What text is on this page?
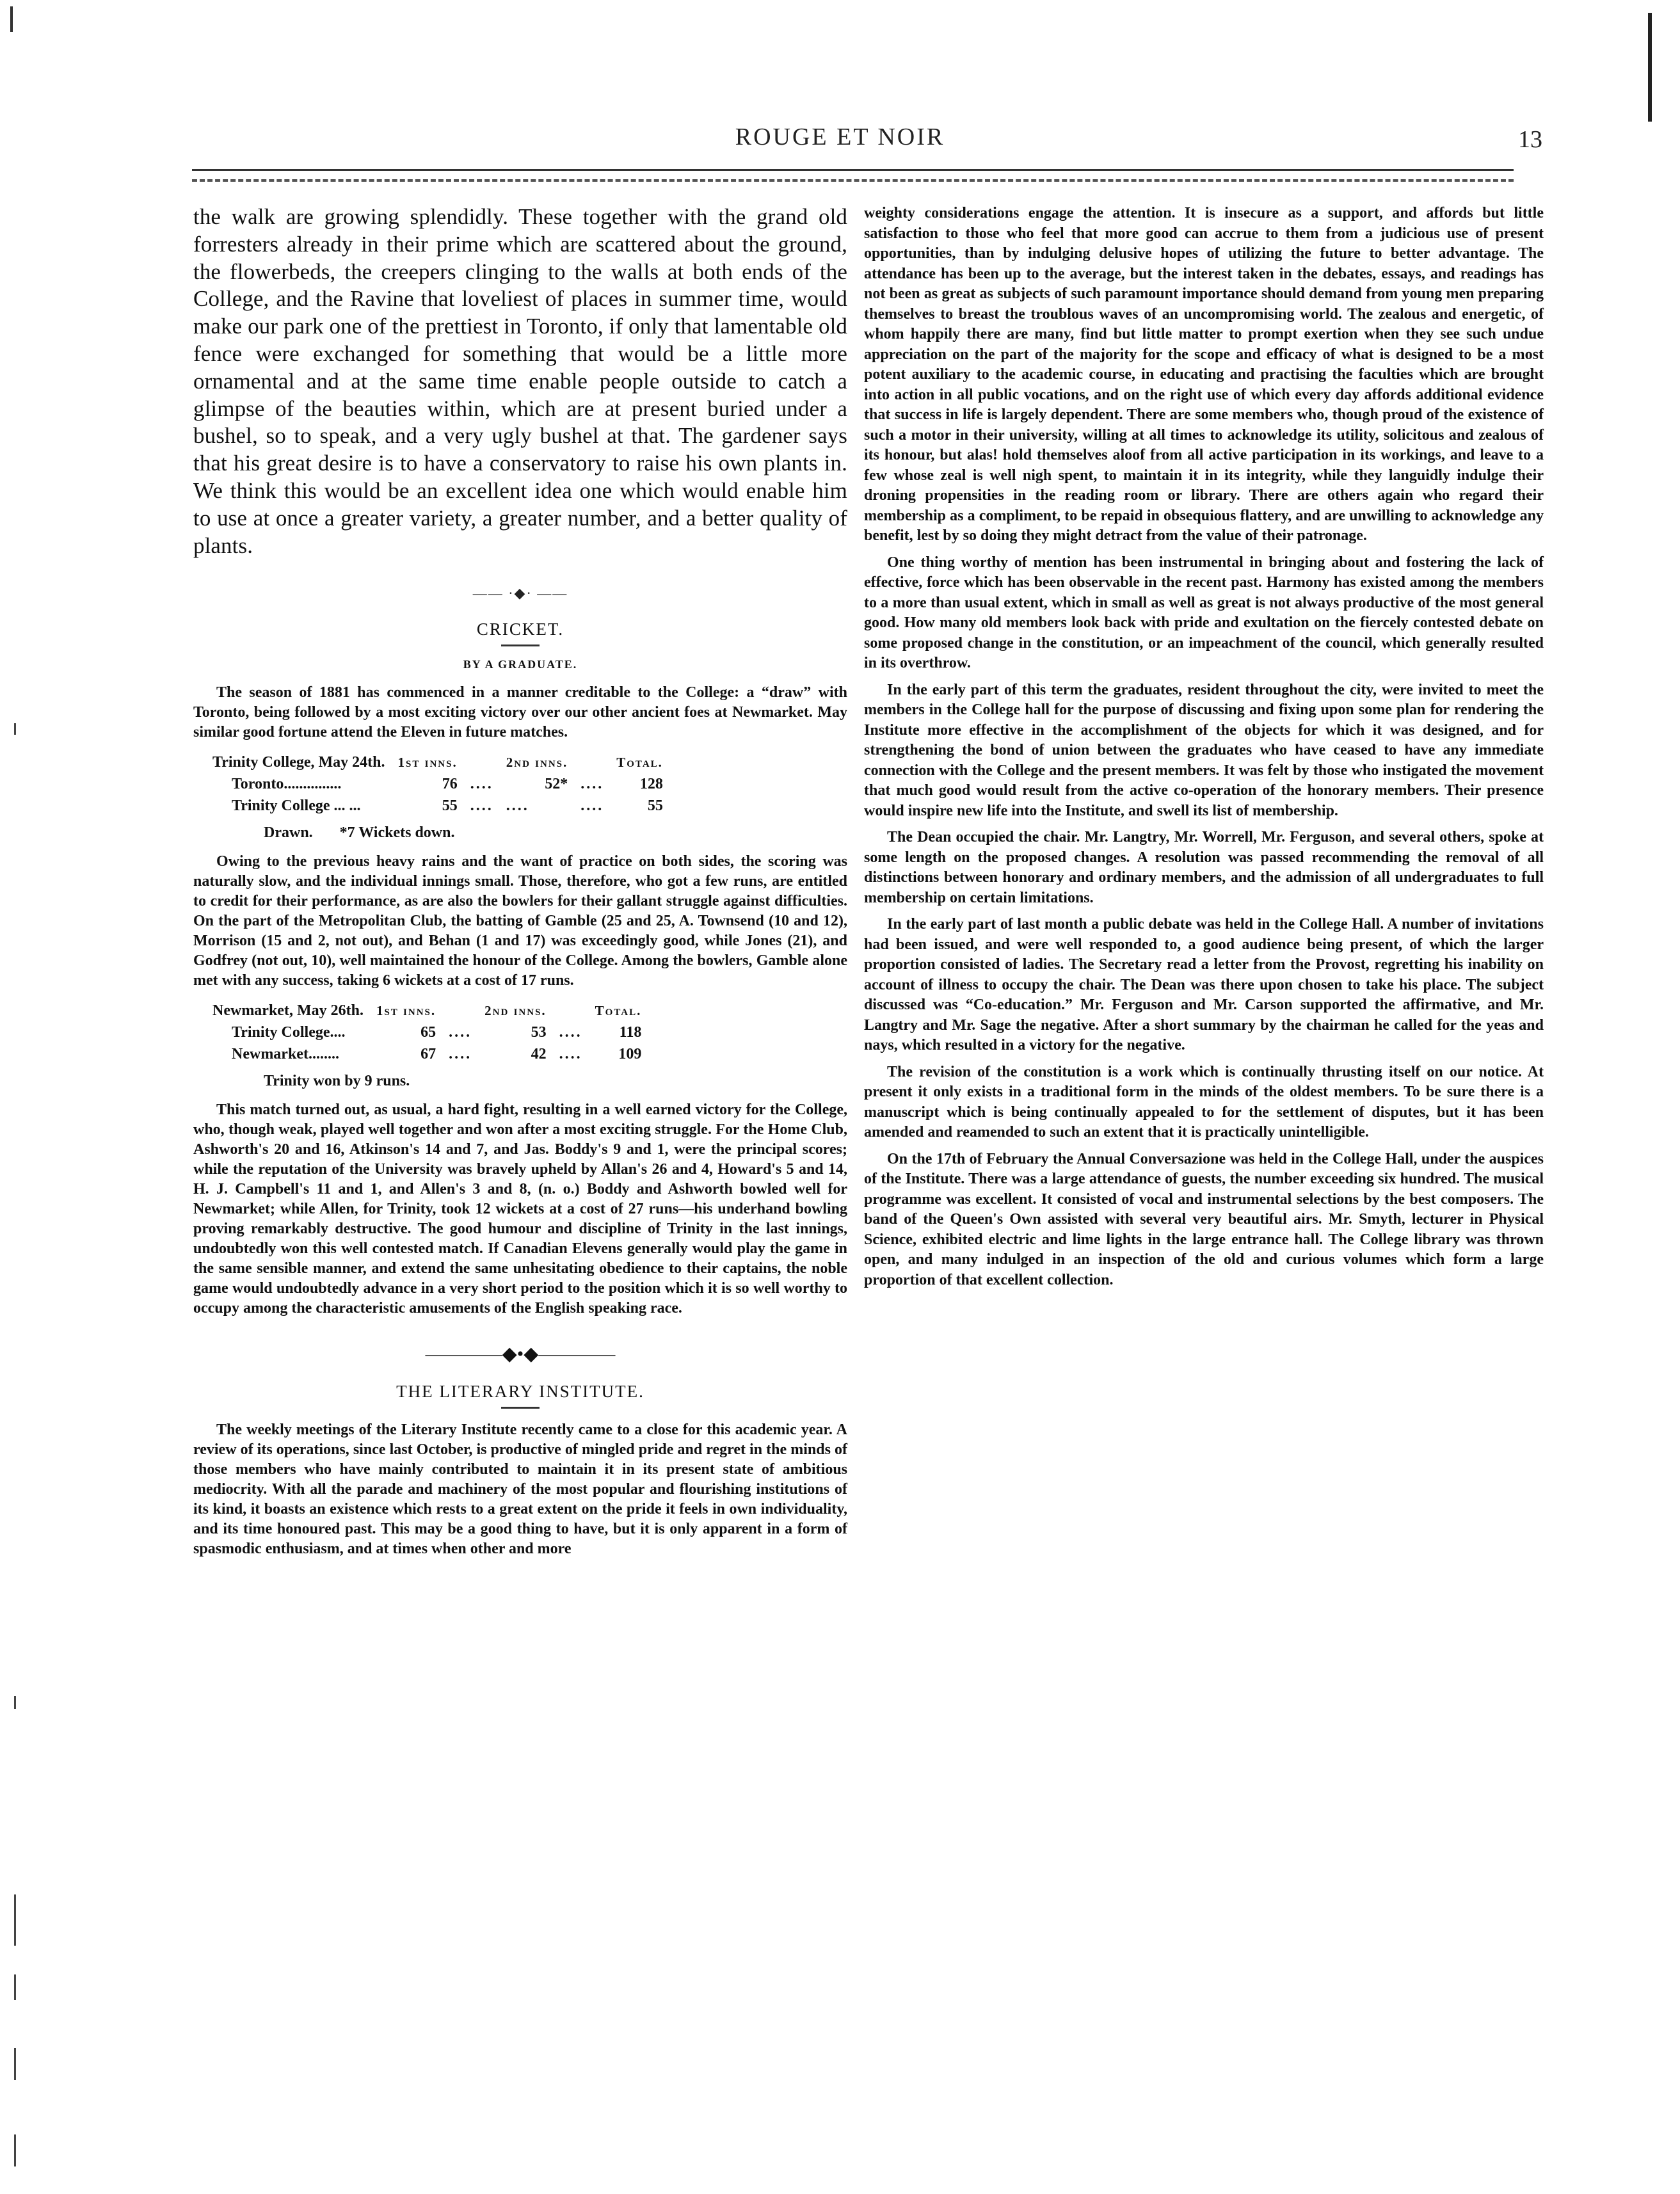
ROUGE ET NOIR	13

the walk are growing splendidly. These together with the grand old forresters already in their prime which are scattered about the ground, the flowerbeds, the creepers clinging to the walls at both ends of the College, and the Ravine that loveliest of places in summer time, would make our park one of the prettiest in Toronto, if only that lamentable old fence were exchanged for something that would be a little more ornamental and at the same time enable people outside to catch a glimpse of the beauties within, which are at present buried under a bushel, so to speak, and a very ugly bushel at that. The gardener says that his great desire is to have a conservatory to raise his own plants in. We think this would be an excellent idea one which would enable him to use at once a greater variety, a greater number, and a better quality of plants.

—— ·◆· ——
CRICKET.
BY A GRADUATE.

The season of 1881 has commenced in a manner creditable to the College: a “draw” with Toronto, being followed by a most exciting victory over our other ancient foes at Newmarket. May similar good fortune attend the Eleven in future matches.

Trinity College, May 24th.	1st inns.		2nd inns.		Total.
Toronto...............	76	....	52*	....	128
Trinity College ... ...	55	....	....	....	55
Drawn. *7 Wickets down.

Owing to the previous heavy rains and the want of practice on both sides, the scoring was naturally slow, and the individual innings small. Those, therefore, who got a few runs, are entitled to credit for their performance, as are also the bowlers for their gallant struggle against difficulties. On the part of the Metropolitan Club, the batting of Gamble (25 and 25, A. Townsend (10 and 12), Morrison (15 and 2, not out), and Behan (1 and 17) was exceedingly good, while Jones (21), and Godfrey (not out, 10), well maintained the honour of the College. Among the bowlers, Gamble alone met with any success, taking 6 wickets at a cost of 17 runs.

Newmarket, May 26th.	1st inns.		2nd inns.		Total.
Trinity College....	65	....	53	....	118
Newmarket........	67	....	42	....	109
Trinity won by 9 runs.

This match turned out, as usual, a hard fight, resulting in a well earned victory for the College, who, though weak, played well together and won after a most exciting struggle. For the Home Club, Ashworth's 20 and 16, Atkinson's 14 and 7, and Jas. Boddy's 9 and 1, were the principal scores; while the reputation of the University was bravely upheld by Allan's 26 and 4, Howard's 5 and 14, H. J. Campbell's 11 and 1, and Allen's 3 and 8, (n. o.) Boddy and Ashworth bowled well for Newmarket; while Allen, for Trinity, took 12 wickets at a cost of 27 runs—his underhand bowling proving remarkably destructive. The good humour and discipline of Trinity in the last innings, undoubtedly won this well contested match. If Canadian Elevens generally would play the game in the same sensible manner, and extend the same unhesitating obedience to their captains, the noble game would undoubtedly advance in a very short period to the position which it is so well worthy to occupy among the characteristic amusements of the English speaking race.

————◆•◆————
THE LITERARY INSTITUTE.

The weekly meetings of the Literary Institute recently came to a close for this academic year. A review of its operations, since last October, is productive of mingled pride and regret in the minds of those members who have mainly contributed to maintain it in its present state of ambitious mediocrity. With all the parade and machinery of the most popular and flourishing institutions of its kind, it boasts an existence which rests to a great extent on the pride it feels in own individuality, and its time honoured past. This may be a good thing to have, but it is only apparent in a form of spasmodic enthusiasm, and at times when other and more

weighty considerations engage the attention. It is insecure as a support, and affords but little satisfaction to those who feel that more good can accrue to them from a judicious use of present opportunities, than by indulging delusive hopes of utilizing the future to better advantage. The attendance has been up to the average, but the interest taken in the debates, essays, and readings has not been as great as subjects of such paramount importance should demand from young men preparing themselves to breast the troublous waves of an uncompromising world. The zealous and energetic, of whom happily there are many, find but little matter to prompt exertion when they see such undue appreciation on the part of the majority for the scope and efficacy of what is designed to be a most potent auxiliary to the academic course, in educating and practising the faculties which are brought into action in all public vocations, and on the right use of which every day affords additional evidence that success in life is largely dependent. There are some members who, though proud of the existence of such a motor in their university, willing at all times to acknowledge its utility, solicitous and zealous of its honour, but alas! hold themselves aloof from all active participation in its workings, and leave to a few whose zeal is well nigh spent, to maintain it in its integrity, while they languidly indulge their droning propensities in the reading room or library. There are others again who regard their membership as a compliment, to be repaid in obsequious flattery, and are unwilling to acknowledge any benefit, lest by so doing they might detract from the value of their patronage.

One thing worthy of mention has been instrumental in bringing about and fostering the lack of effective, force which has been observable in the recent past. Harmony has existed among the members to a more than usual extent, which in small as well as great is not always productive of the most general good. How many old members look back with pride and exultation on the fiercely contested debate on some proposed change in the constitution, or an impeachment of the council, which generally resulted in its overthrow.

In the early part of this term the graduates, resident throughout the city, were invited to meet the members in the College hall for the purpose of discussing and fixing upon some plan for rendering the Institute more effective in the accomplishment of the objects for which it was designed, and for strengthening the bond of union between the graduates who have ceased to have any immediate connection with the College and the present members. It was felt by those who instigated the movement that much good would result from the active co-operation of the honorary members. Their presence would inspire new life into the Institute, and swell its list of membership.

The Dean occupied the chair. Mr. Langtry, Mr. Worrell, Mr. Ferguson, and several others, spoke at some length on the proposed changes. A resolution was passed recommending the removal of all distinctions between honorary and ordinary members, and the admission of all undergraduates to full membership on certain limitations.

In the early part of last month a public debate was held in the College Hall. A number of invitations had been issued, and were well responded to, a good audience being present, of which the larger proportion consisted of ladies. The Secretary read a letter from the Provost, regretting his inability on account of illness to occupy the chair. The Dean was there upon chosen to take his place. The subject discussed was “Co-education.” Mr. Ferguson and Mr. Carson supported the affirmative, and Mr. Langtry and Mr. Sage the negative. After a short summary by the chairman he called for the yeas and nays, which resulted in a victory for the negative.

The revision of the constitution is a work which is continually thrusting itself on our notice. At present it only exists in a traditional form in the minds of the oldest members. To be sure there is a manuscript which is being continually appealed to for the settlement of disputes, but it has been amended and reamended to such an extent that it is practically unintelligible.

On the 17th of February the Annual Conversazione was held in the College Hall, under the auspices of the Institute. There was a large attendance of guests, the number exceeding six hundred. The musical programme was excellent. It consisted of vocal and instrumental selections by the best composers. The band of the Queen's Own assisted with several very beautiful airs. Mr. Smyth, lecturer in Physical Science, exhibited electric and lime lights in the large entrance hall. The College library was thrown open, and many indulged in an inspection of the old and curious volumes which form a large proportion of that excellent collection.
